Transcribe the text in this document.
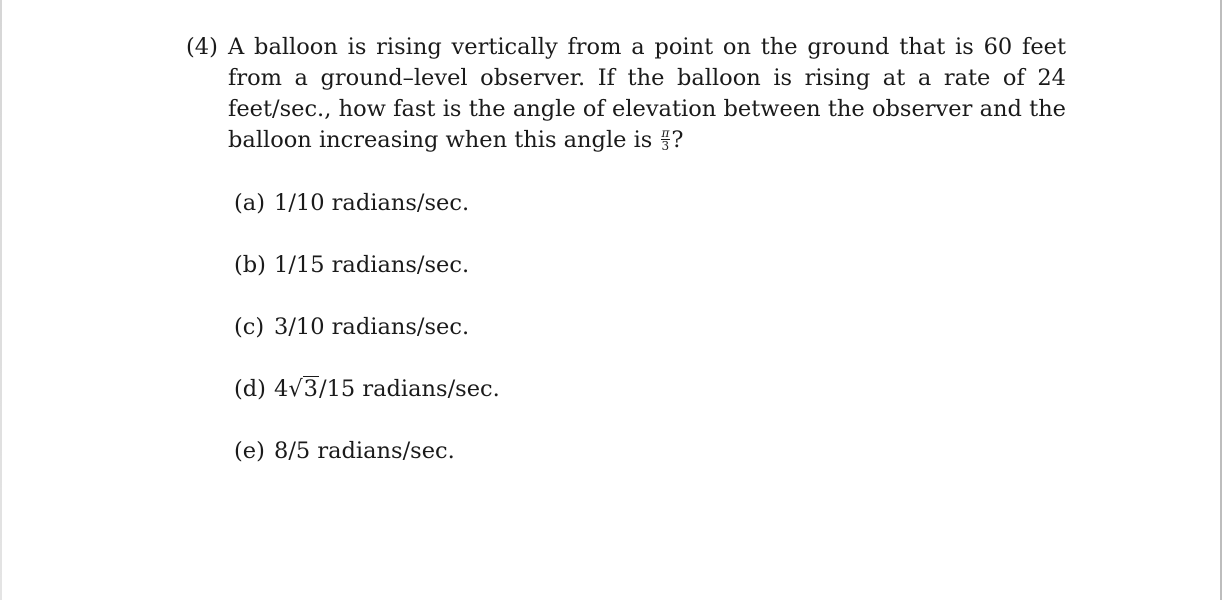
(4) A balloon is rising vertically from a point on the ground that is 60 feet from a ground–level observer. If the balloon is rising at a rate of 24 feet/sec., how fast is the angle of elevation between the observer and the balloon increasing when this angle is $\frac{\pi}{3}$ ?
(a) 1/10 radians/sec.
(b) 1/15 radians/sec.
(c) 3/10 radians/sec.
(d) 4√3/15 radians/sec.
(e) 8/5 radians/sec.
